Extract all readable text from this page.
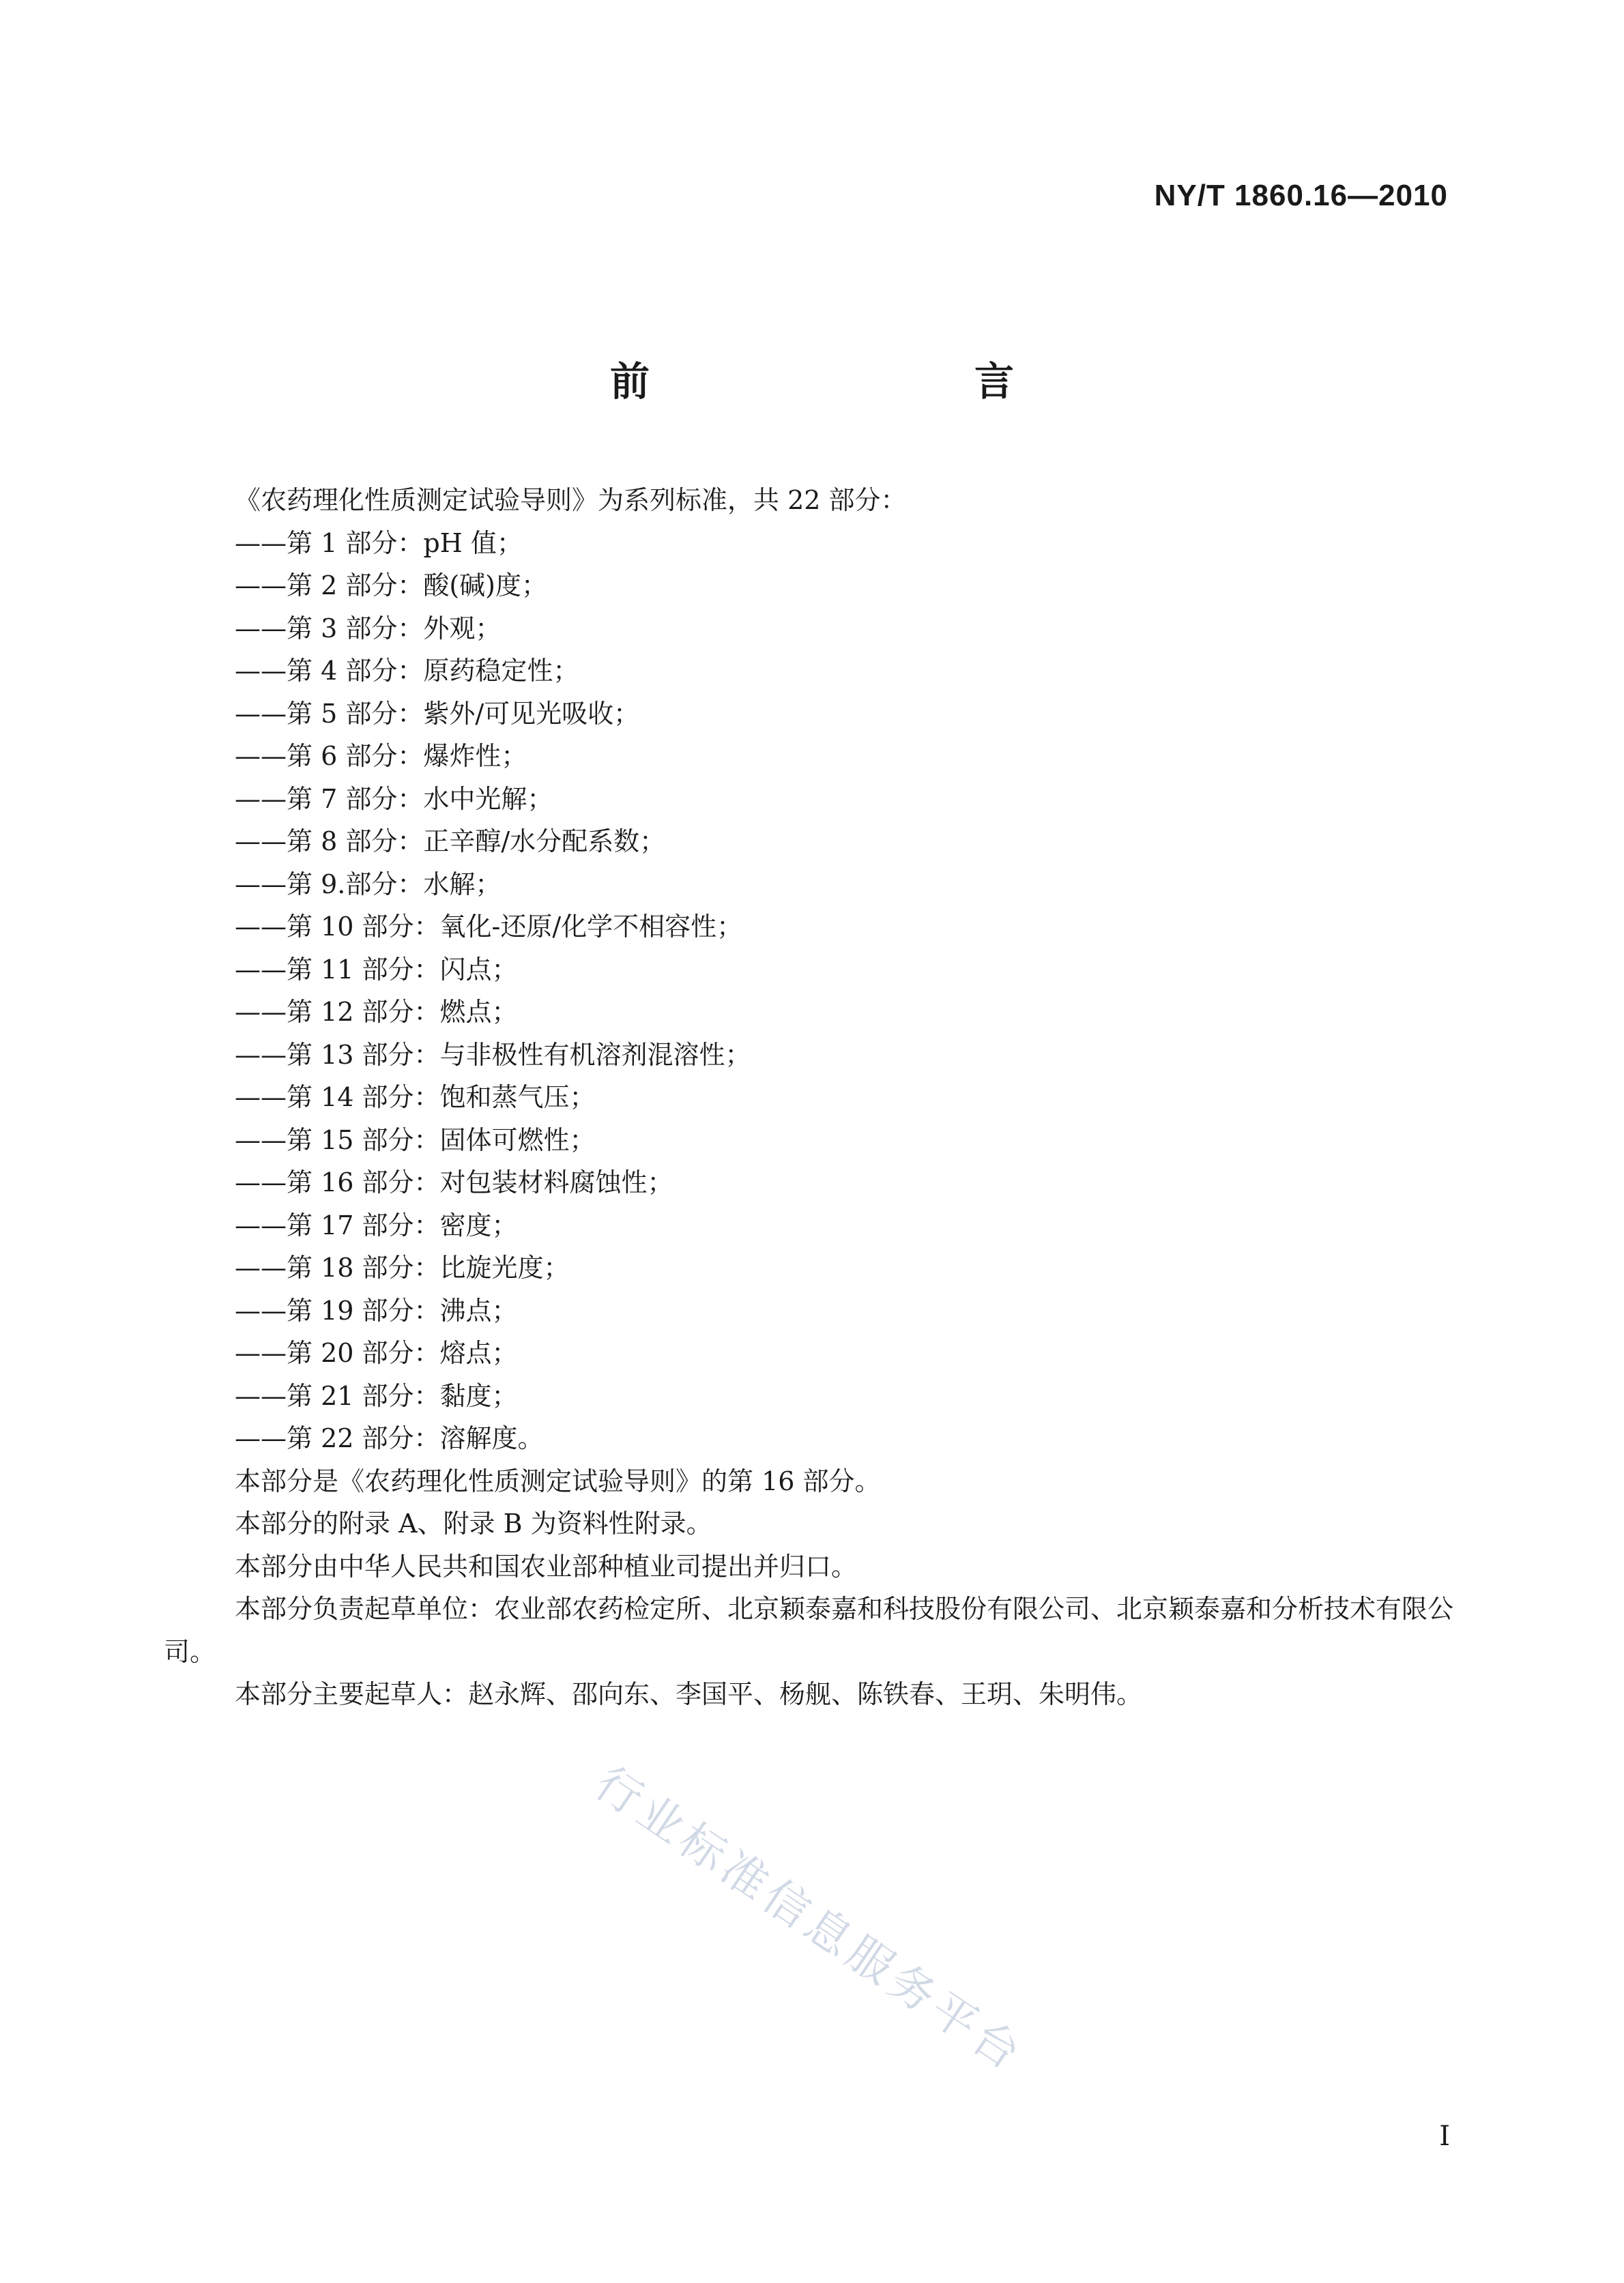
NY/T 1860.16—2010

前　　言

《农药理化性质测定试验导则》为系列标准，共 22 部分：

——第 1 部分：pH 值；
——第 2 部分：酸(碱)度；
——第 3 部分：外观；
——第 4 部分：原药稳定性；
——第 5 部分：紫外/可见光吸收；
——第 6 部分：爆炸性；
——第 7 部分：水中光解；
——第 8 部分：正辛醇/水分配系数；
——第 9.部分：水解；
——第 10 部分：氧化-还原/化学不相容性；
——第 11 部分：闪点；
——第 12 部分：燃点；
——第 13 部分：与非极性有机溶剂混溶性；
——第 14 部分：饱和蒸气压；
——第 15 部分：固体可燃性；
——第 16 部分：对包装材料腐蚀性；
——第 17 部分：密度；
——第 18 部分：比旋光度；
——第 19 部分：沸点；
——第 20 部分：熔点；
——第 21 部分：黏度；
——第 22 部分：溶解度。

本部分是《农药理化性质测定试验导则》的第 16 部分。

本部分的附录 A、附录 B 为资料性附录。

本部分由中华人民共和国农业部种植业司提出并归口。

本部分负责起草单位：农业部农药检定所、北京颖泰嘉和科技股份有限公司、北京颖泰嘉和分析技术有限公司。

本部分主要起草人：赵永辉、邵向东、李国平、杨舰、陈铁春、王玥、朱明伟。

行业标准信息服务平台

I
